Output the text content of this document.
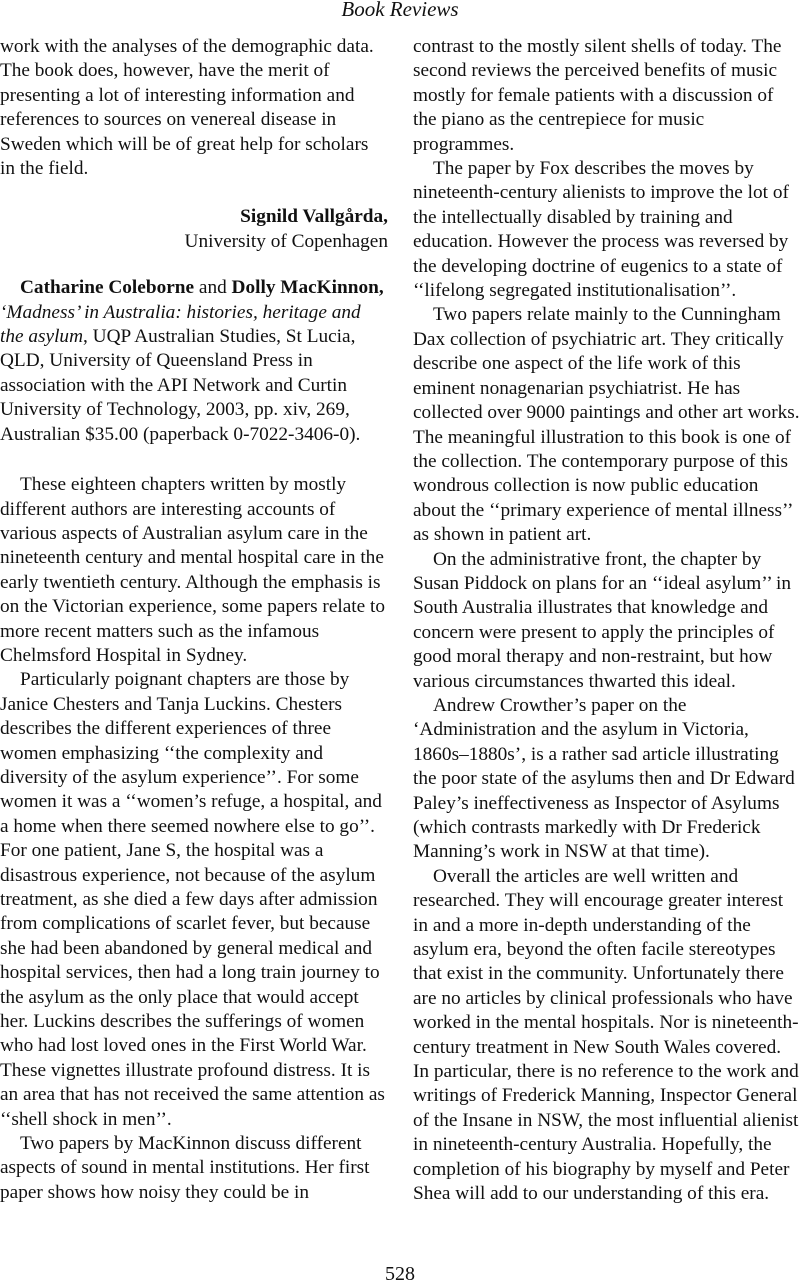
Book Reviews

work with the analyses of the demographic data. The book does, however, have the merit of presenting a lot of interesting information and references to sources on venereal disease in Sweden which will be of great help for scholars in the field.

Signild Vallgårda,

University of Copenhagen

Catharine Coleborne and Dolly MacKinnon, ‘Madness’ in Australia: histories, heritage and the asylum, UQP Australian Studies, St Lucia, QLD, University of Queensland Press in association with the API Network and Curtin University of Technology, 2003, pp. xiv, 269, Australian $35.00 (paperback 0-7022-3406-0).

These eighteen chapters written by mostly different authors are interesting accounts of various aspects of Australian asylum care in the nineteenth century and mental hospital care in the early twentieth century. Although the emphasis is on the Victorian experience, some papers relate to more recent matters such as the infamous Chelmsford Hospital in Sydney.

Particularly poignant chapters are those by Janice Chesters and Tanja Luckins. Chesters describes the different experiences of three women emphasizing ‘‘the complexity and diversity of the asylum experience’’. For some women it was a ‘‘women’s refuge, a hospital, and a home when there seemed nowhere else to go’’. For one patient, Jane S, the hospital was a disastrous experience, not because of the asylum treatment, as she died a few days after admission from complications of scarlet fever, but because she had been abandoned by general medical and hospital services, then had a long train journey to the asylum as the only place that would accept her. Luckins describes the sufferings of women who had lost loved ones in the First World War. These vignettes illustrate profound distress. It is an area that has not received the same attention as ‘‘shell shock in men’’.

Two papers by MacKinnon discuss different aspects of sound in mental institutions. Her first paper shows how noisy they could be in

contrast to the mostly silent shells of today. The second reviews the perceived benefits of music mostly for female patients with a discussion of the piano as the centrepiece for music programmes.

The paper by Fox describes the moves by nineteenth-century alienists to improve the lot of the intellectually disabled by training and education. However the process was reversed by the developing doctrine of eugenics to a state of ‘‘lifelong segregated institutionalisation’’.

Two papers relate mainly to the Cunningham Dax collection of psychiatric art. They critically describe one aspect of the life work of this eminent nonagenarian psychiatrist. He has collected over 9000 paintings and other art works. The meaningful illustration to this book is one of the collection. The contemporary purpose of this wondrous collection is now public education about the ‘‘primary experience of mental illness’’ as shown in patient art.

On the administrative front, the chapter by Susan Piddock on plans for an ‘‘ideal asylum’’ in South Australia illustrates that knowledge and concern were present to apply the principles of good moral therapy and non-restraint, but how various circumstances thwarted this ideal.

Andrew Crowther’s paper on the ‘Administration and the asylum in Victoria, 1860s–1880s’, is a rather sad article illustrating the poor state of the asylums then and Dr Edward Paley’s ineffectiveness as Inspector of Asylums (which contrasts markedly with Dr Frederick Manning’s work in NSW at that time).

Overall the articles are well written and researched. They will encourage greater interest in and a more in-depth understanding of the asylum era, beyond the often facile stereotypes that exist in the community. Unfortunately there are no articles by clinical professionals who have worked in the mental hospitals. Nor is nineteenth-century treatment in New South Wales covered. In particular, there is no reference to the work and writings of Frederick Manning, Inspector General of the Insane in NSW, the most influential alienist in nineteenth-century Australia. Hopefully, the completion of his biography by myself and Peter Shea will add to our understanding of this era.

528
